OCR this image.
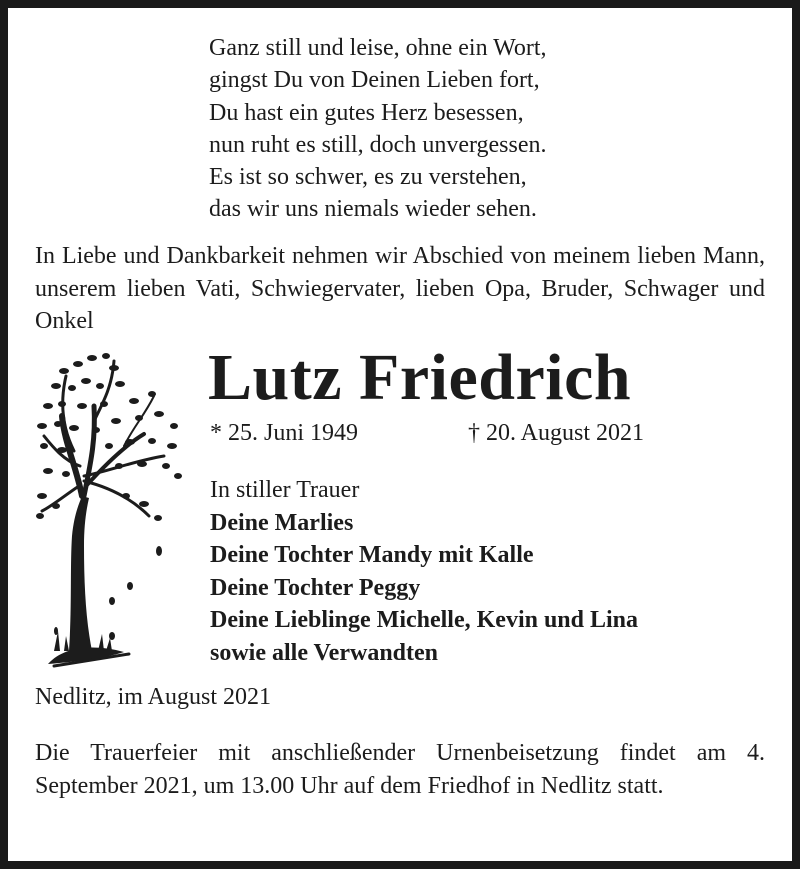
Ganz still und leise, ohne ein Wort,
gingst Du von Deinen Lieben fort,
Du hast ein gutes Herz besessen,
nun ruht es still, doch unvergessen.
Es ist so schwer, es zu verstehen,
das wir uns niemals wieder sehen.
In Liebe und Dankbarkeit nehmen wir Abschied von meinem lieben Mann, unserem lieben Vati, Schwiegervater, lieben Opa, Bruder, Schwager und Onkel
Lutz Friedrich
* 25. Juni 1949	† 20. August 2021
In stiller Trauer
Deine Marlies
Deine Tochter Mandy mit Kalle
Deine Tochter Peggy
Deine Lieblinge Michelle, Kevin und Lina
sowie alle Verwandten
Nedlitz, im August 2021
Die Trauerfeier mit anschließender Urnenbeisetzung findet am 4. September 2021, um 13.00 Uhr auf dem Friedhof in Nedlitz statt.
